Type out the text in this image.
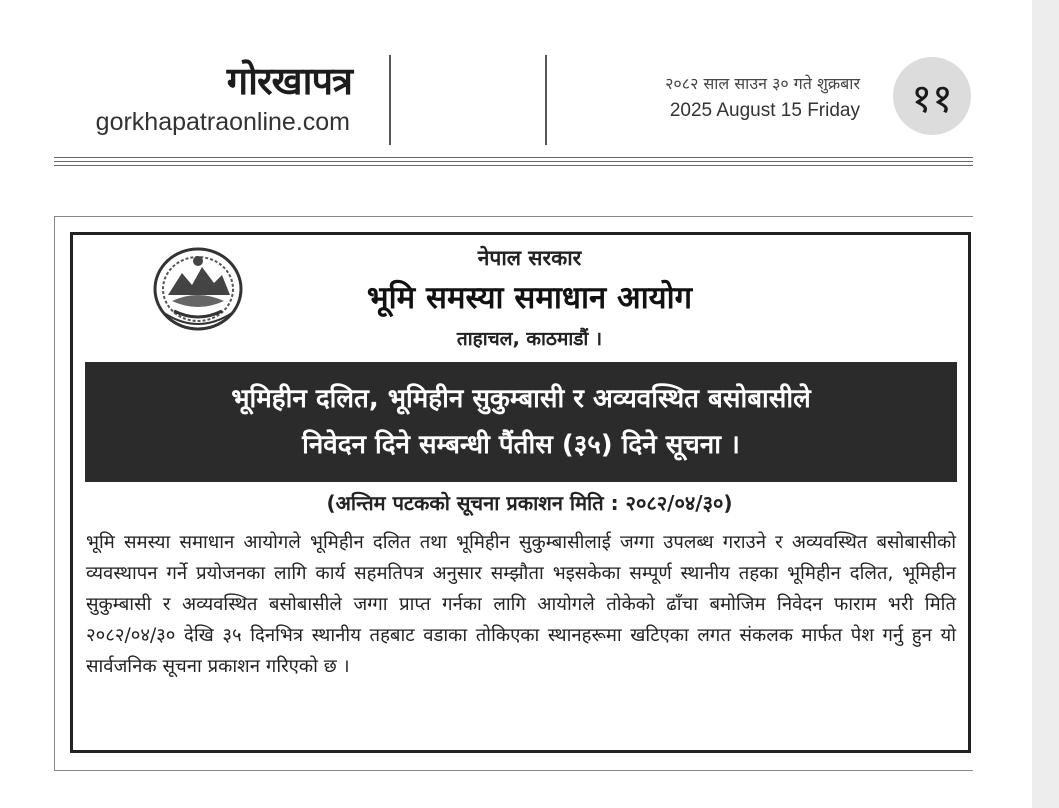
गोरखापत्र
gorkhapatraonline.com
२०८२ साल साउन ३० गते शुक्रबार
2025 August 15 Friday	११
नेपाल सरकार
भूमि समस्या समाधान आयोग
ताहाचल, काठमाडौं ।
भूमिहीन दलित, भूमिहीन सुकुम्बासी र अव्यवस्थित बसोबासीले
निवेदन दिने सम्बन्धी पैंतीस (३५) दिने सूचना ।
(अन्तिम पटकको सूचना प्रकाशन मिति : २०८२/०४/३०)
भूमि समस्या समाधान आयोगले भूमिहीन दलित तथा भूमिहीन सुकुम्बासीलाई जग्गा उपलब्ध गराउने र अव्यवस्थित बसोबासीको व्यवस्थापन गर्ने प्रयोजनका लागि कार्य सहमतिपत्र अनुसार सम्झौता भइसकेका सम्पूर्ण स्थानीय तहका भूमिहीन दलित, भूमिहीन सुकुम्बासी र अव्यवस्थित बसोबासीले जग्गा प्राप्त गर्नका लागि आयोगले तोकेको ढाँचा बमोजिम निवेदन फाराम भरी मिति २०८२/०४/३० देखि ३५ दिनभित्र स्थानीय तहबाट वडाका तोकिएका स्थानहरूमा खटिएका लगत संकलक मार्फत पेश गर्नु हुन यो सार्वजनिक सूचना प्रकाशन गरिएको छ ।
